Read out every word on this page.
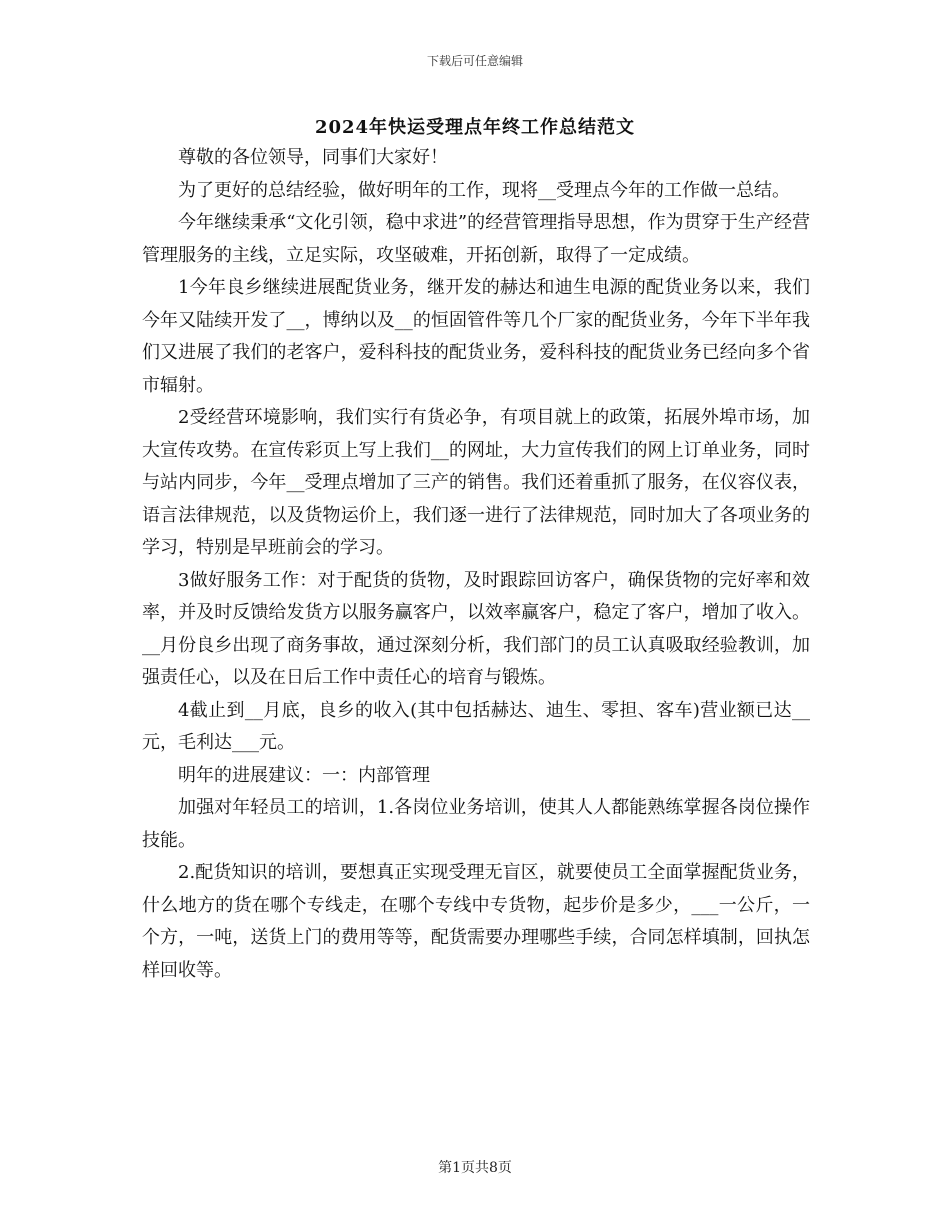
下载后可任意编辑
2024年快运受理点年终工作总结范文

尊敬的各位领导，同事们大家好！

为了更好的总结经验，做好明年的工作，现将__受理点今年的工作做一总结。

今年继续秉承“文化引领，稳中求进”的经营管理指导思想，作为贯穿于生产经营管理服务的主线，立足实际，攻坚破难，开拓创新，取得了一定成绩。

1今年良乡继续进展配货业务，继开发的赫达和迪生电源的配货业务以来，我们今年又陆续开发了__，博纳以及__的恒固管件等几个厂家的配货业务，今年下半年我们又进展了我们的老客户，爱科科技的配货业务，爱科科技的配货业务已经向多个省市辐射。

2受经营环境影响，我们实行有货必争，有项目就上的政策，拓展外埠市场，加大宣传攻势。在宣传彩页上写上我们__的网址，大力宣传我们的网上订单业务，同时与站内同步，今年__受理点增加了三产的销售。我们还着重抓了服务，在仪容仪表，语言法律规范，以及货物运价上，我们逐一进行了法律规范，同时加大了各项业务的学习，特别是早班前会的学习。

3做好服务工作：对于配货的货物，及时跟踪回访客户，确保货物的完好率和效率，并及时反馈给发货方以服务赢客户，以效率赢客户，稳定了客户，增加了收入。__月份良乡出现了商务事故，通过深刻分析，我们部门的员工认真吸取经验教训，加强责任心，以及在日后工作中责任心的培育与锻炼。

4截止到__月底，良乡的收入(其中包括赫达、迪生、零担、客车)营业额已达__元，毛利达___元。

明年的进展建议：一：内部管理

加强对年轻员工的培训，1.各岗位业务培训，使其人人都能熟练掌握各岗位操作技能。

2.配货知识的培训，要想真正实现受理无盲区，就要使员工全面掌握配货业务，什么地方的货在哪个专线走，在哪个专线中专货物，起步价是多少，___一公斤，一个方，一吨，送货上门的费用等等，配货需要办理哪些手续，合同怎样填制，回执怎样回收等。

第1页共8页
